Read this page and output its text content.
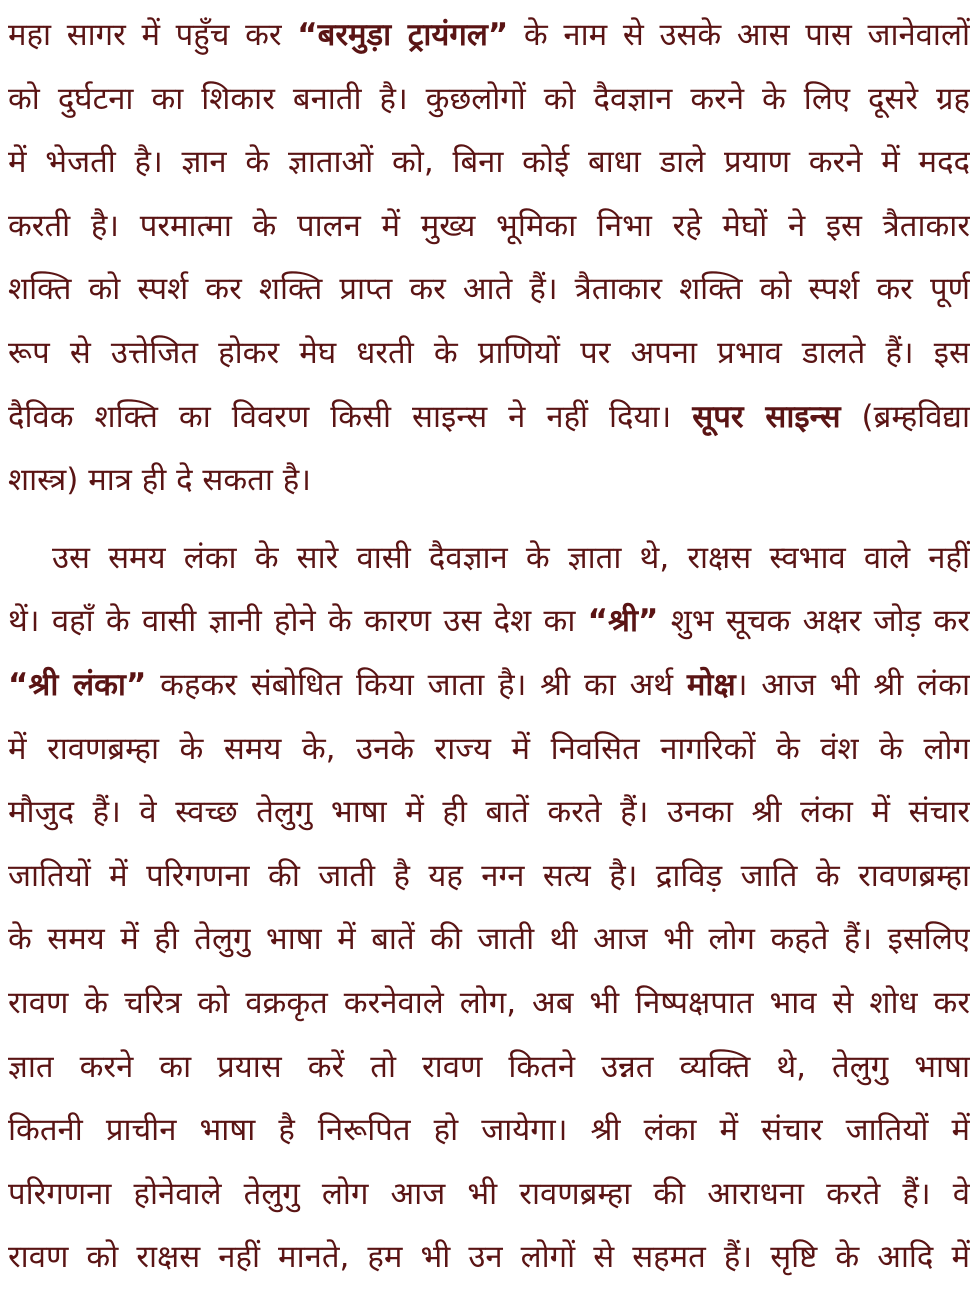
महा सागर में पहुँच कर “बरमुड़ा ट्रायंगल” के नाम से उसके आस पास जानेवालों
को दुर्घटना का शिकार बनाती है। कुछलोगों को दैवज्ञान करने के लिए दूसरे ग्रह
में भेजती है। ज्ञान के ज्ञाताओं को, बिना कोई बाधा डाले प्रयाण करने में मदद
करती है। परमात्मा के पालन में मुख्य भूमिका निभा रहे मेघों ने इस त्रैताकार
शक्ति को स्पर्श कर शक्ति प्राप्त कर आते हैं। त्रैताकार शक्ति को स्पर्श कर पूर्ण
रूप से उत्तेजित होकर मेघ धरती के प्राणियों पर अपना प्रभाव डालते हैं। इस
दैविक शक्ति का विवरण किसी साइन्स ने नहीं दिया। सूपर साइन्स (ब्रम्हविद्या
शास्त्र) मात्र ही दे सकता है।
उस समय लंका के सारे वासी दैवज्ञान के ज्ञाता थे, राक्षस स्वभाव वाले नहीं
थें। वहाँ के वासी ज्ञानी होने के कारण उस देश का “श्री” शुभ सूचक अक्षर जोड़ कर
“श्री लंका” कहकर संबोधित किया जाता है। श्री का अर्थ मोक्ष। आज भी श्री लंका
में रावणब्रम्हा के समय के, उनके राज्य में निवसित नागरिकों के वंश के लोग
मौजुद हैं। वे स्वच्छ तेलुगु भाषा में ही बातें करते हैं। उनका श्री लंका में संचार
जातियों में परिगणना की जाती है यह नग्न सत्य है। द्राविड़ जाति के रावणब्रम्हा
के समय में ही तेलुगु भाषा में बातें की जाती थी आज भी लोग कहते हैं। इसलिए
रावण के चरित्र को वक्रकृत करनेवाले लोग, अब भी निष्पक्षपात भाव से शोध कर
ज्ञात करने का प्रयास करें तो रावण कितने उन्नत व्यक्ति थे, तेलुगु भाषा
कितनी प्राचीन भाषा है निरूपित हो जायेगा। श्री लंका में संचार जातियों में
परिगणना होनेवाले तेलुगु लोग आज भी रावणब्रम्हा की आराधना करते हैं। वे
रावण को राक्षस नहीं मानते, हम भी उन लोगों से सहमत हैं। सृष्टि के आदि में
